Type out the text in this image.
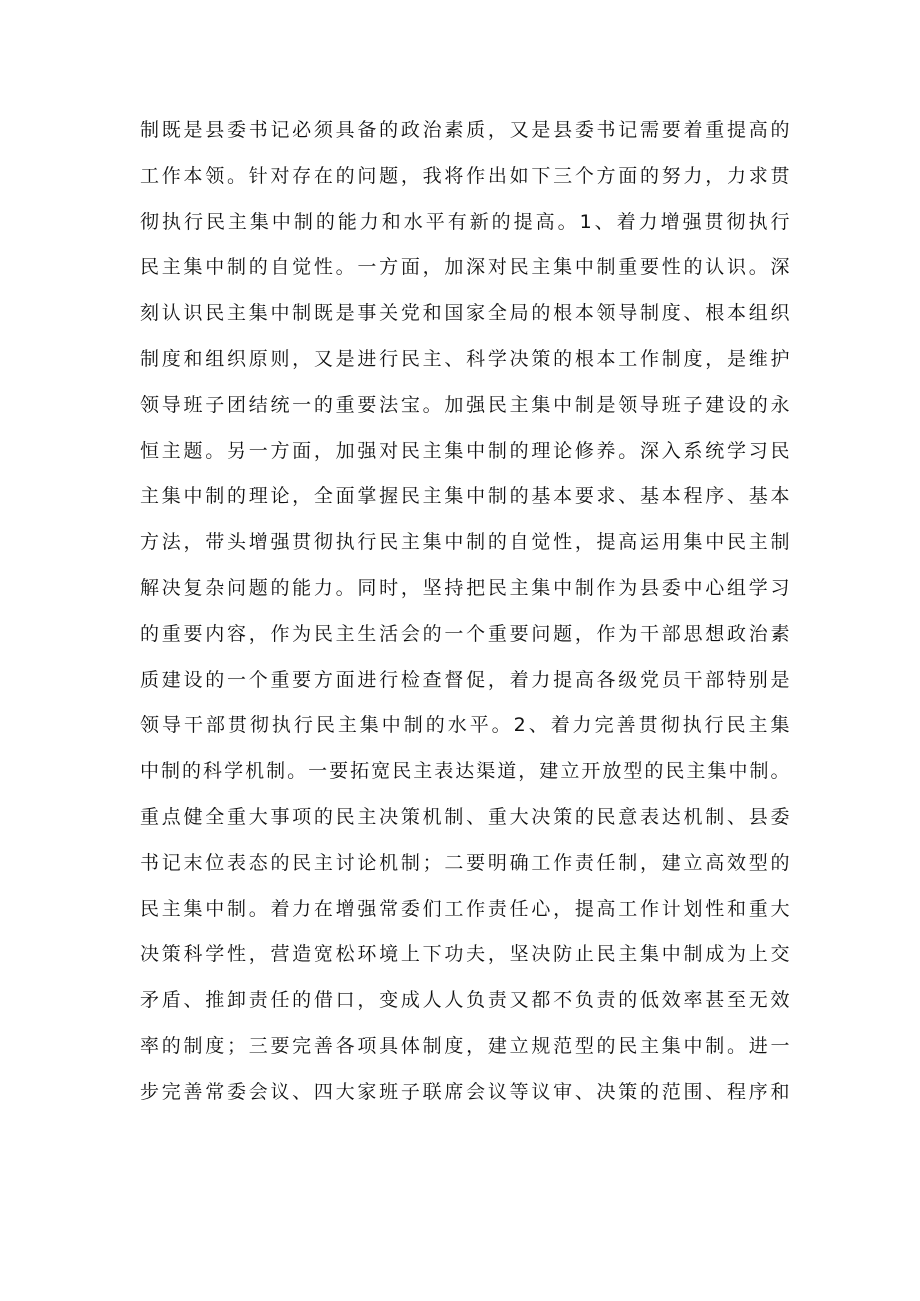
制既是县委书记必须具备的政治素质，又是县委书记需要着重提高的
工作本领。针对存在的问题，我将作出如下三个方面的努力，力求贯
彻执行民主集中制的能力和水平有新的提高。1、着力增强贯彻执行
民主集中制的自觉性。一方面，加深对民主集中制重要性的认识。深
刻认识民主集中制既是事关党和国家全局的根本领导制度、根本组织
制度和组织原则，又是进行民主、科学决策的根本工作制度，是维护
领导班子团结统一的重要法宝。加强民主集中制是领导班子建设的永
恒主题。另一方面，加强对民主集中制的理论修养。深入系统学习民
主集中制的理论，全面掌握民主集中制的基本要求、基本程序、基本
方法，带头增强贯彻执行民主集中制的自觉性，提高运用集中民主制
解决复杂问题的能力。同时，坚持把民主集中制作为县委中心组学习
的重要内容，作为民主生活会的一个重要问题，作为干部思想政治素
质建设的一个重要方面进行检查督促，着力提高各级党员干部特别是
领导干部贯彻执行民主集中制的水平。2、着力完善贯彻执行民主集
中制的科学机制。一要拓宽民主表达渠道，建立开放型的民主集中制。
重点健全重大事项的民主决策机制、重大决策的民意表达机制、县委
书记末位表态的民主讨论机制；二要明确工作责任制，建立高效型的
民主集中制。着力在增强常委们工作责任心，提高工作计划性和重大
决策科学性，营造宽松环境上下功夫，坚决防止民主集中制成为上交
矛盾、推卸责任的借口，变成人人负责又都不负责的低效率甚至无效
率的制度；三要完善各项具体制度，建立规范型的民主集中制。进一
步完善常委会议、四大家班子联席会议等议审、决策的范围、程序和
